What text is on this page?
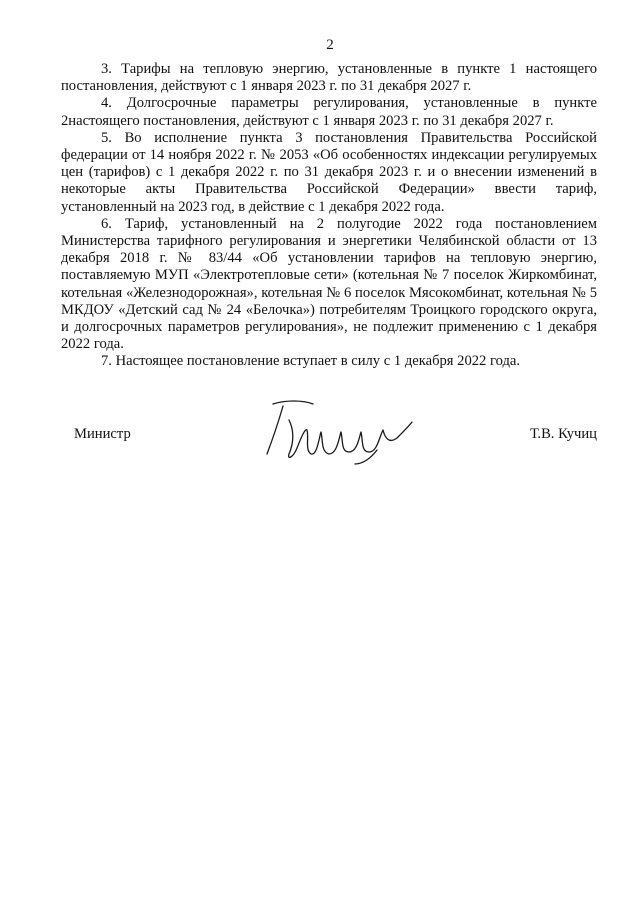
2

3. Тарифы на тепловую энергию, установленные в пункте 1 настоящего постановления, действуют с 1 января 2023 г. по 31 декабря 2027 г.

4. Долгосрочные параметры регулирования, установленные в пункте 2настоящего постановления, действуют с 1 января 2023 г. по 31 декабря 2027 г.

5. Во исполнение пункта 3 постановления Правительства Российской федерации от 14 ноября 2022 г. № 2053 «Об особенностях индексации регулируемых цен (тарифов) с 1 декабря 2022 г. по 31 декабря 2023 г. и о внесении изменений в некоторые акты Правительства Российской Федерации» ввести тариф, установленный на 2023 год, в действие с 1 декабря 2022 года.

6. Тариф, установленный на 2 полугодие 2022 года постановлением Министерства тарифного регулирования и энергетики Челябинской области от 13 декабря 2018 г. № 83/44 «Об установлении тарифов на тепловую энергию, поставляемую МУП «Электротепловые сети» (котельная № 7 поселок Жиркомбинат, котельная «Железнодорожная», котельная № 6 поселок Мясокомбинат, котельная № 5 МКДОУ «Детский сад № 24 «Белочка») потребителям Троицкого городского округа, и долгосрочных параметров регулирования», не подлежит применению с 1 декабря 2022 года.

7. Настоящее постановление вступает в силу с 1 декабря 2022 года.

Министр	Т.В. Кучиц
